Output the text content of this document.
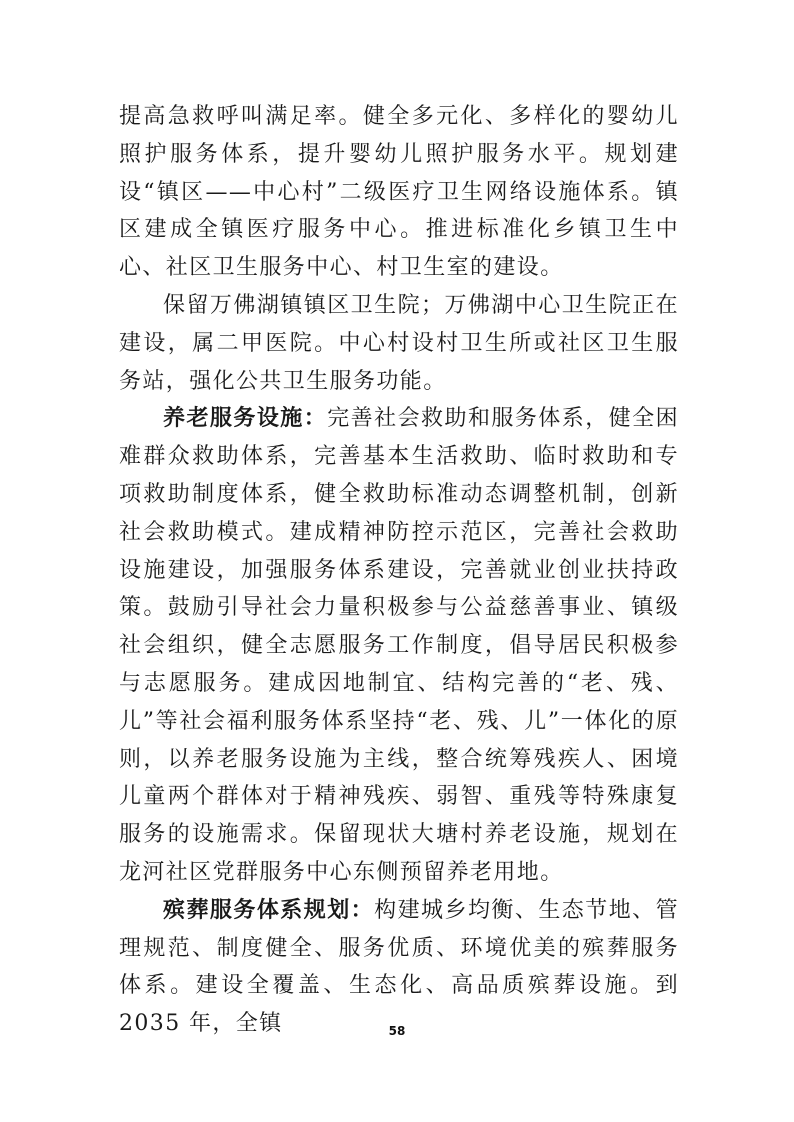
提高急救呼叫满足率。健全多元化、多样化的婴幼儿照护服务体系，提升婴幼儿照护服务水平。规划建设“镇区——中心村”二级医疗卫生网络设施体系。镇区建成全镇医疗服务中心。推进标准化乡镇卫生中心、社区卫生服务中心、村卫生室的建设。

保留万佛湖镇镇区卫生院；万佛湖中心卫生院正在建设，属二甲医院。中心村设村卫生所或社区卫生服务站，强化公共卫生服务功能。

养老服务设施：完善社会救助和服务体系，健全困难群众救助体系，完善基本生活救助、临时救助和专项救助制度体系，健全救助标准动态调整机制，创新社会救助模式。建成精神防控示范区，完善社会救助设施建设，加强服务体系建设，完善就业创业扶持政策。鼓励引导社会力量积极参与公益慈善事业、镇级社会组织，健全志愿服务工作制度，倡导居民积极参与志愿服务。建成因地制宜、结构完善的“老、残、儿”等社会福利服务体系坚持“老、残、儿”一体化的原则，以养老服务设施为主线，整合统筹残疾人、困境儿童两个群体对于精神残疾、弱智、重残等特殊康复服务的设施需求。保留现状大塘村养老设施，规划在龙河社区党群服务中心东侧预留养老用地。

殡葬服务体系规划：构建城乡均衡、生态节地、管理规范、制度健全、服务优质、环境优美的殡葬服务体系。建设全覆盖、生态化、高品质殡葬设施。到 2035 年，全镇	58
